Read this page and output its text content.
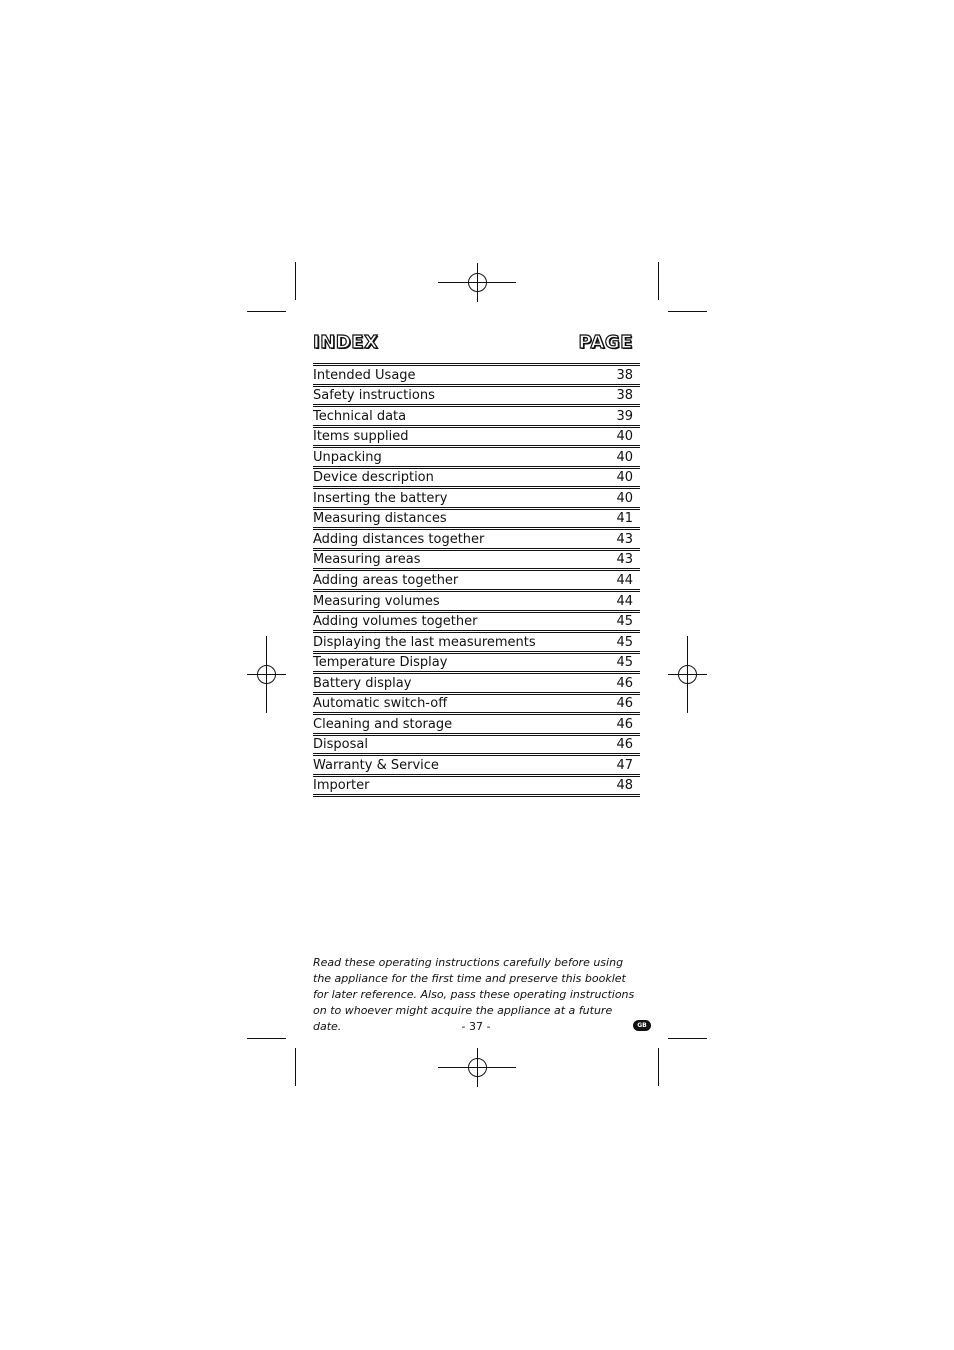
INDEX	PAGE
Intended Usage	38
Safety instructions	38
Technical data	39
Items supplied	40
Unpacking	40
Device description	40
Inserting the battery	40
Measuring distances	41
Adding distances together	43
Measuring areas	43
Adding areas together	44
Measuring volumes	44
Adding volumes together	45
Displaying the last measurements	45
Temperature Display	45
Battery display	46
Automatic switch-off	46
Cleaning and storage	46
Disposal	46
Warranty & Service	47
Importer	48

Read these operating instructions carefully before using the appliance for the first time and preserve this booklet for later reference. Also, pass these operating instructions on to whoever might acquire the appliance at a future date.	- 37 -	GB
